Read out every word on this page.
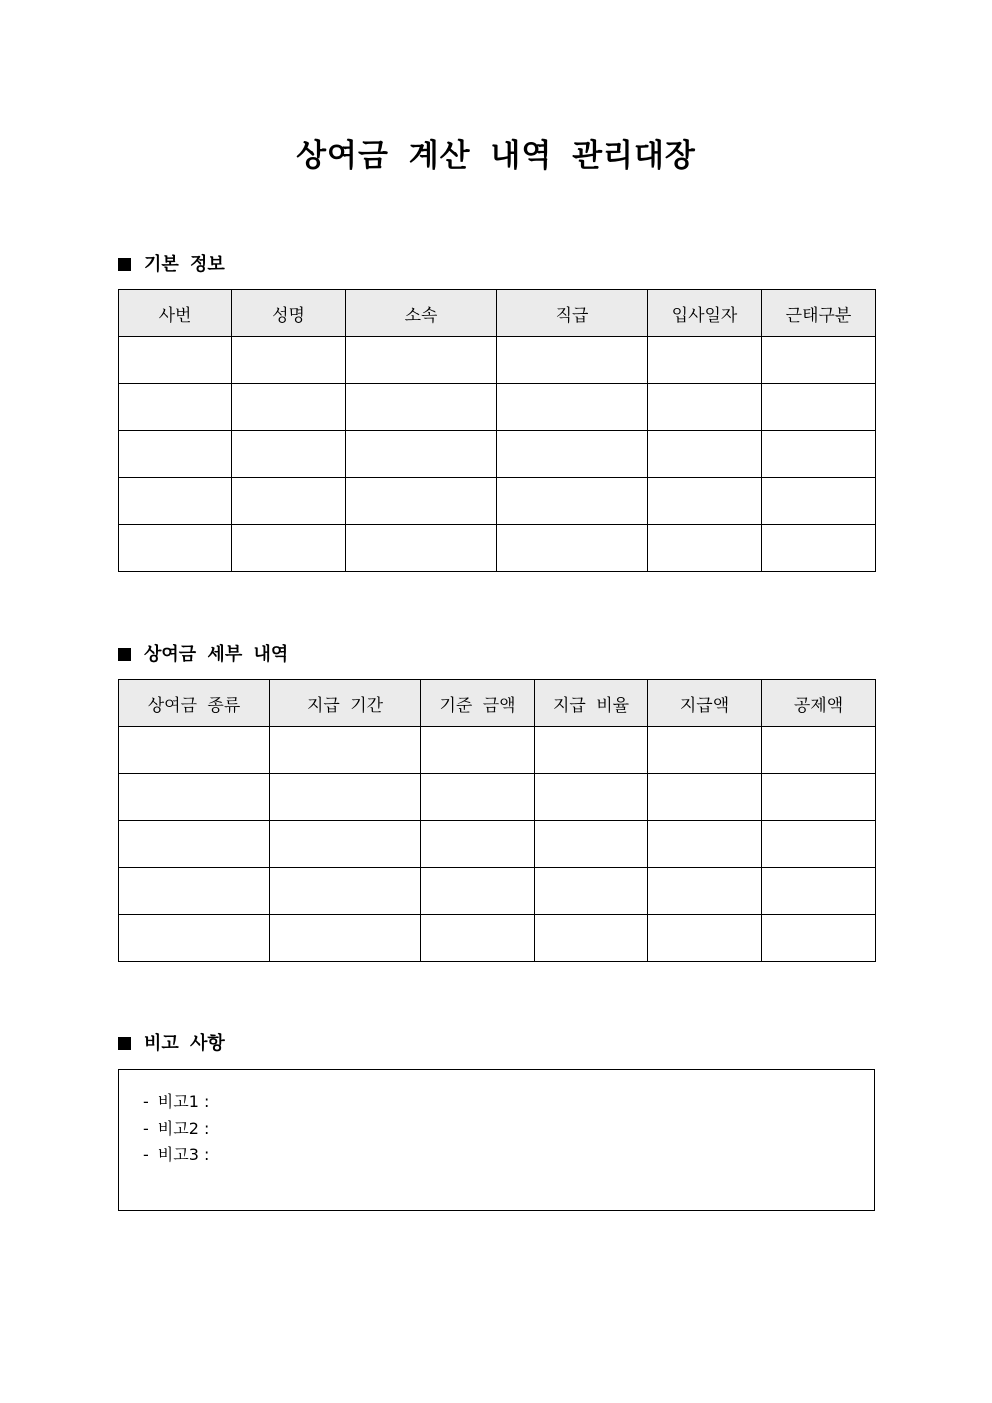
상여금 계산 내역 관리대장
기본 정보
사번	성명	소속	직급	입사일자	근태구분

상여금 세부 내역
상여금 종류	지급 기간	기준 금액	지급 비율	지급액	공제액

비고 사항
- 비고1 :
- 비고2 :
- 비고3 :
